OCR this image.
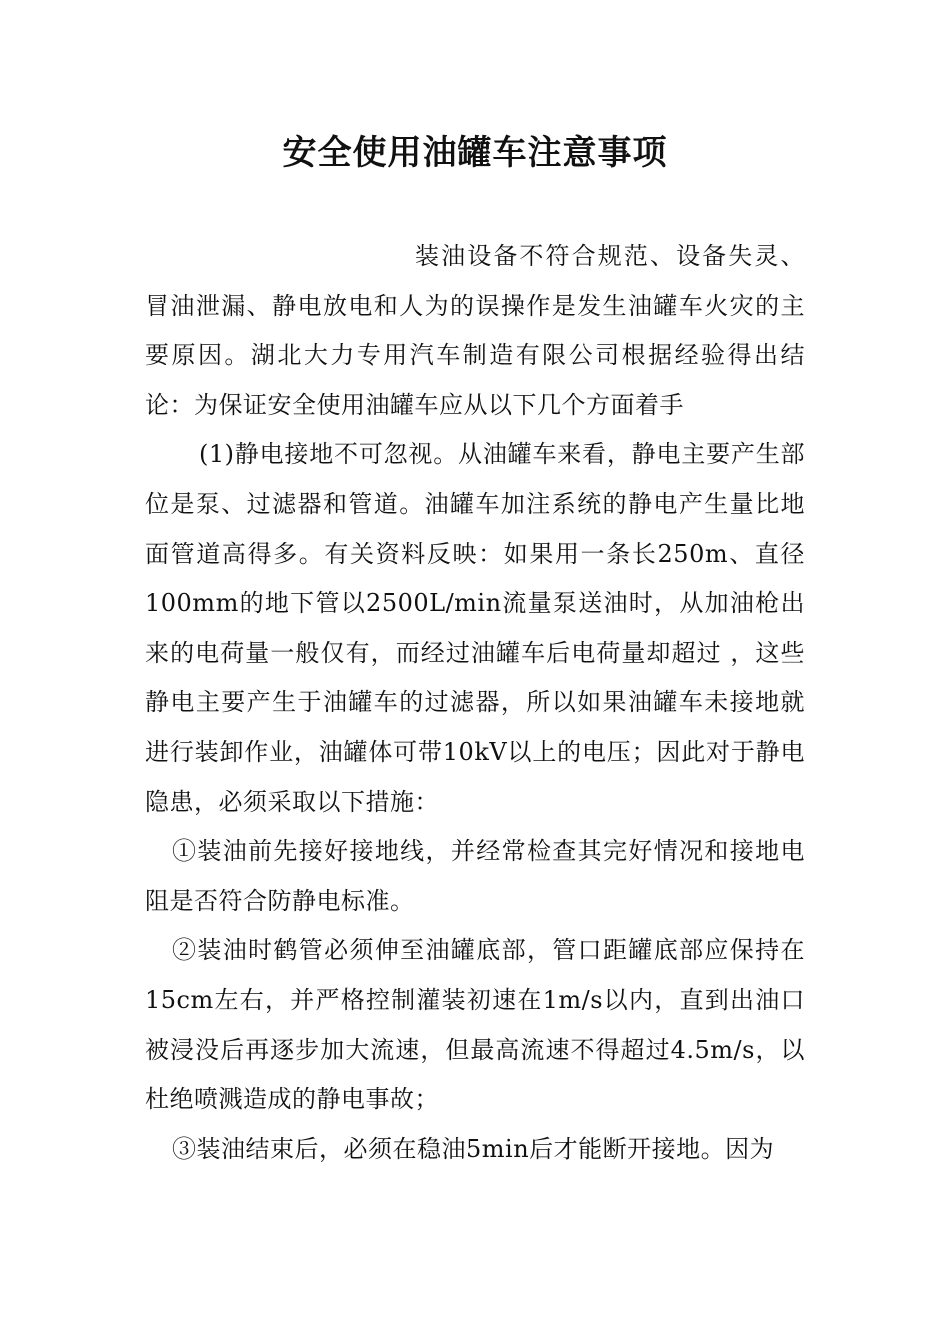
安全使用油罐车注意事项

装油设备不符合规范、设备失灵、冒油泄漏、静电放电和人为的误操作是发生油罐车火灾的主要原因。湖北大力专用汽车制造有限公司根据经验得出结论：为保证安全使用油罐车应从以下几个方面着手

(1)静电接地不可忽视。从油罐车来看，静电主要产生部位是泵、过滤器和管道。油罐车加注系统的静电产生量比地面管道高得多。有关资料反映：如果用一条长250m、直径100mm的地下管以2500L/min流量泵送油时，从加油枪出来的电荷量一般仅有，而经过油罐车后电荷量却超过 ，这些静电主要产生于油罐车的过滤器，所以如果油罐车未接地就进行装卸作业，油罐体可带10kV以上的电压；因此对于静电隐患，必须采取以下措施：

①装油前先接好接地线，并经常检查其完好情况和接地电阻是否符合防静电标准。

②装油时鹤管必须伸至油罐底部，管口距罐底部应保持在15cm左右，并严格控制灌装初速在1m/s以内，直到出油口被浸没后再逐步加大流速，但最高流速不得超过4.5m/s，以杜绝喷溅造成的静电事故；

③装油结束后，必须在稳油5min后才能断开接地。因为
